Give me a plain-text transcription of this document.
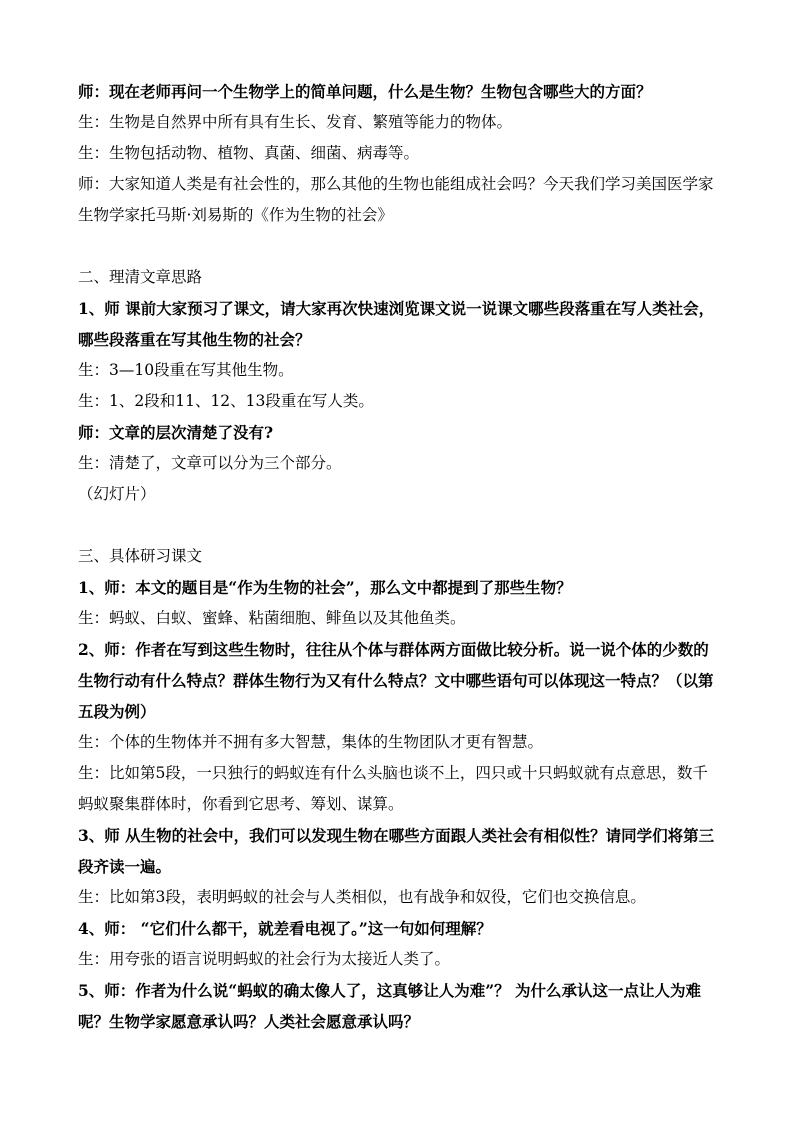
师：现在老师再问一个生物学上的简单问题，什么是生物？生物包含哪些大的方面？

生：生物是自然界中所有具有生长、发育、繁殖等能力的物体。

生：生物包括动物、植物、真菌、细菌、病毒等。

师：大家知道人类是有社会性的，那么其他的生物也能组成社会吗？今天我们学习美国医学家生物学家托马斯·刘易斯的《作为生物的社会》

二、理清文章思路

1、师 课前大家预习了课文，请大家再次快速浏览课文说一说课文哪些段落重在写人类社会，哪些段落重在写其他生物的社会？

生：3—10段重在写其他生物。

生：1、2段和11、12、13段重在写人类。

师：文章的层次清楚了没有?

生：清楚了，文章可以分为三个部分。

（幻灯片）

三、具体研习课文

1、师：本文的题目是“作为生物的社会”，那么文中都提到了那些生物？

生：蚂蚁、白蚁、蜜蜂、粘菌细胞、鲱鱼以及其他鱼类。

2、师：作者在写到这些生物时，往往从个体与群体两方面做比较分析。说一说个体的少数的生物行动有什么特点？群体生物行为又有什么特点？文中哪些语句可以体现这一特点？（以第五段为例）

生：个体的生物体并不拥有多大智慧，集体的生物团队才更有智慧。

生：比如第5段，一只独行的蚂蚁连有什么头脑也谈不上，四只或十只蚂蚁就有点意思，数千蚂蚁聚集群体时，你看到它思考、筹划、谋算。

3、师 从生物的社会中，我们可以发现生物在哪些方面跟人类社会有相似性？请同学们将第三段齐读一遍。

生：比如第3段，表明蚂蚁的社会与人类相似，也有战争和奴役，它们也交换信息。

4、师： “它们什么都干，就差看电视了。”这一句如何理解？

生：用夸张的语言说明蚂蚁的社会行为太接近人类了。

5、师：作者为什么说“蚂蚁的确太像人了，这真够让人为难”？ 为什么承认这一点让人为难呢？生物学家愿意承认吗？人类社会愿意承认吗？
